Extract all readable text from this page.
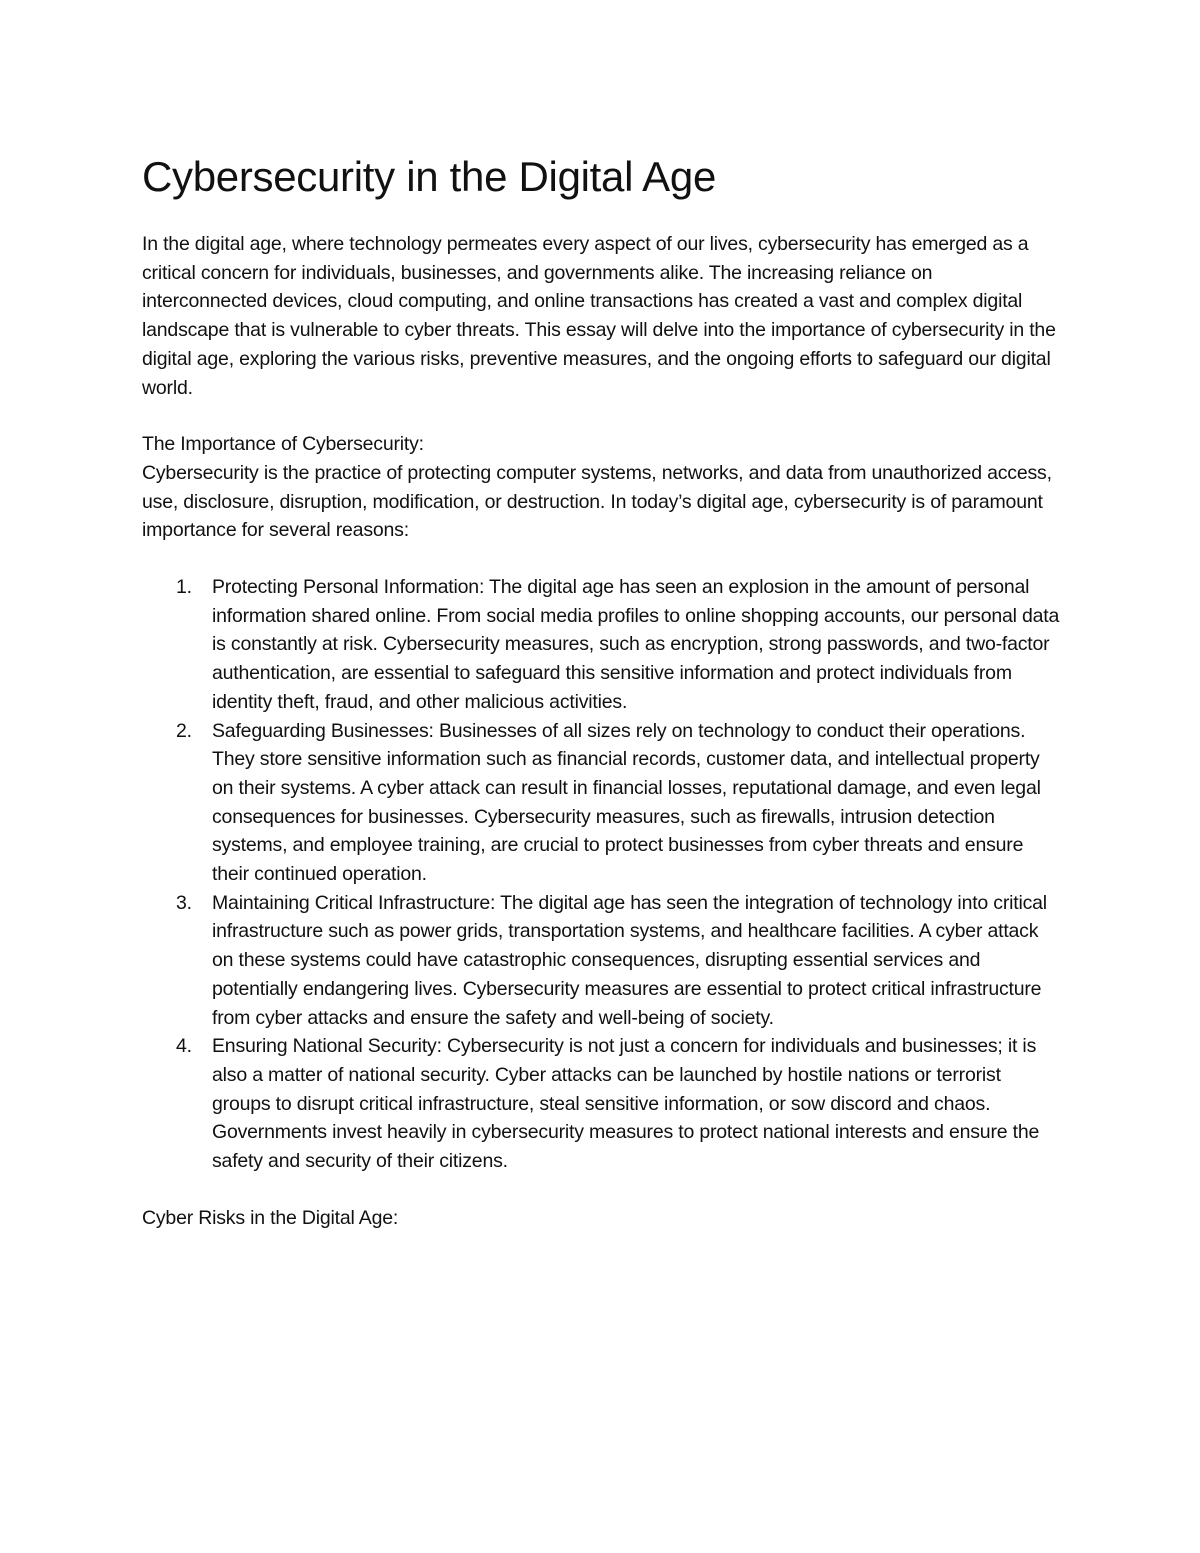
Cybersecurity in the Digital Age

In the digital age, where technology permeates every aspect of our lives, cybersecurity has emerged as a critical concern for individuals, businesses, and governments alike. The increasing reliance on interconnected devices, cloud computing, and online transactions has created a vast and complex digital landscape that is vulnerable to cyber threats. This essay will delve into the importance of cybersecurity in the digital age, exploring the various risks, preventive measures, and the ongoing efforts to safeguard our digital world.

The Importance of Cybersecurity:

Cybersecurity is the practice of protecting computer systems, networks, and data from unauthorized access, use, disclosure, disruption, modification, or destruction. In today’s digital age, cybersecurity is of paramount importance for several reasons:

1. Protecting Personal Information: The digital age has seen an explosion in the amount of personal information shared online. From social media profiles to online shopping accounts, our personal data is constantly at risk. Cybersecurity measures, such as encryption, strong passwords, and two-factor authentication, are essential to safeguard this sensitive information and protect individuals from identity theft, fraud, and other malicious activities.
2. Safeguarding Businesses: Businesses of all sizes rely on technology to conduct their operations. They store sensitive information such as financial records, customer data, and intellectual property on their systems. A cyber attack can result in financial losses, reputational damage, and even legal consequences for businesses. Cybersecurity measures, such as firewalls, intrusion detection systems, and employee training, are crucial to protect businesses from cyber threats and ensure their continued operation.
3. Maintaining Critical Infrastructure: The digital age has seen the integration of technology into critical infrastructure such as power grids, transportation systems, and healthcare facilities. A cyber attack on these systems could have catastrophic consequences, disrupting essential services and potentially endangering lives. Cybersecurity measures are essential to protect critical infrastructure from cyber attacks and ensure the safety and well-being of society.
4. Ensuring National Security: Cybersecurity is not just a concern for individuals and businesses; it is also a matter of national security. Cyber attacks can be launched by hostile nations or terrorist groups to disrupt critical infrastructure, steal sensitive information, or sow discord and chaos. Governments invest heavily in cybersecurity measures to protect national interests and ensure the safety and security of their citizens.

Cyber Risks in the Digital Age:
